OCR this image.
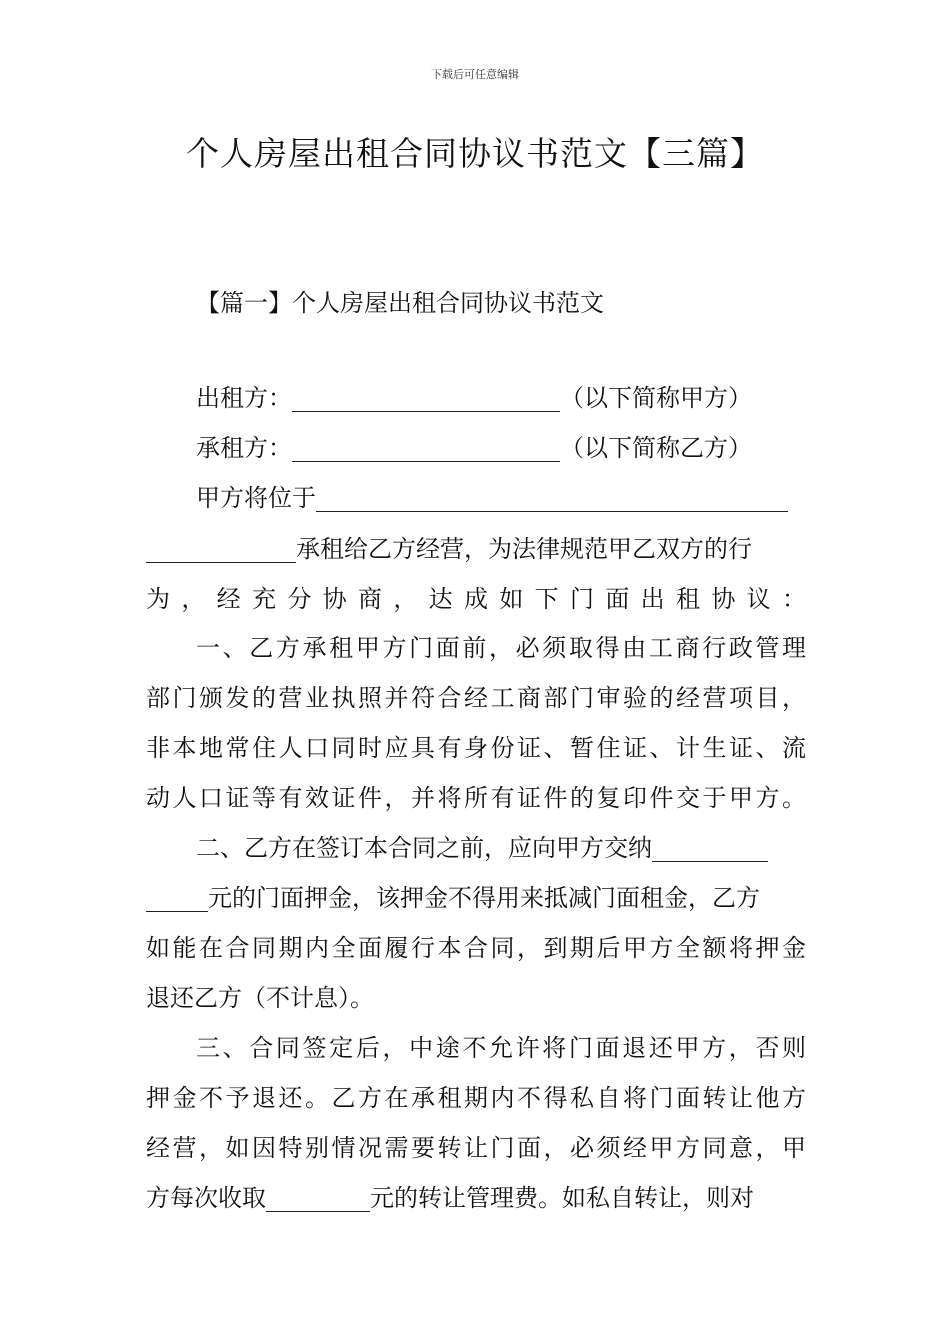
下载后可任意编辑
个人房屋出租合同协议书范文【三篇】
【篇一】个人房屋出租合同协议书范文
出租方：	（以下简称甲方）
承租方：	（以下简称乙方）
甲方将位于
承租给乙方经营，为法律规范甲乙双方的行
为，经充分协商，达成如下门面出租协议：
一、乙方承租甲方门面前，必须取得由工商行政管理
部门颁发的营业执照并符合经工商部门审验的经营项目，
非本地常住人口同时应具有身份证、暂住证、计生证、流
动人口证等有效证件，并将所有证件的复印件交于甲方。
二、乙方在签订本合同之前，应向甲方交纳
元的门面押金，该押金不得用来抵减门面租金，乙方
如能在合同期内全面履行本合同，到期后甲方全额将押金
退还乙方（不计息）。
三、合同签定后，中途不允许将门面退还甲方，否则
押金不予退还。乙方在承租期内不得私自将门面转让他方
经营，如因特别情况需要转让门面，必须经甲方同意，甲
方每次收取	元的转让管理费。如私自转让，则对
